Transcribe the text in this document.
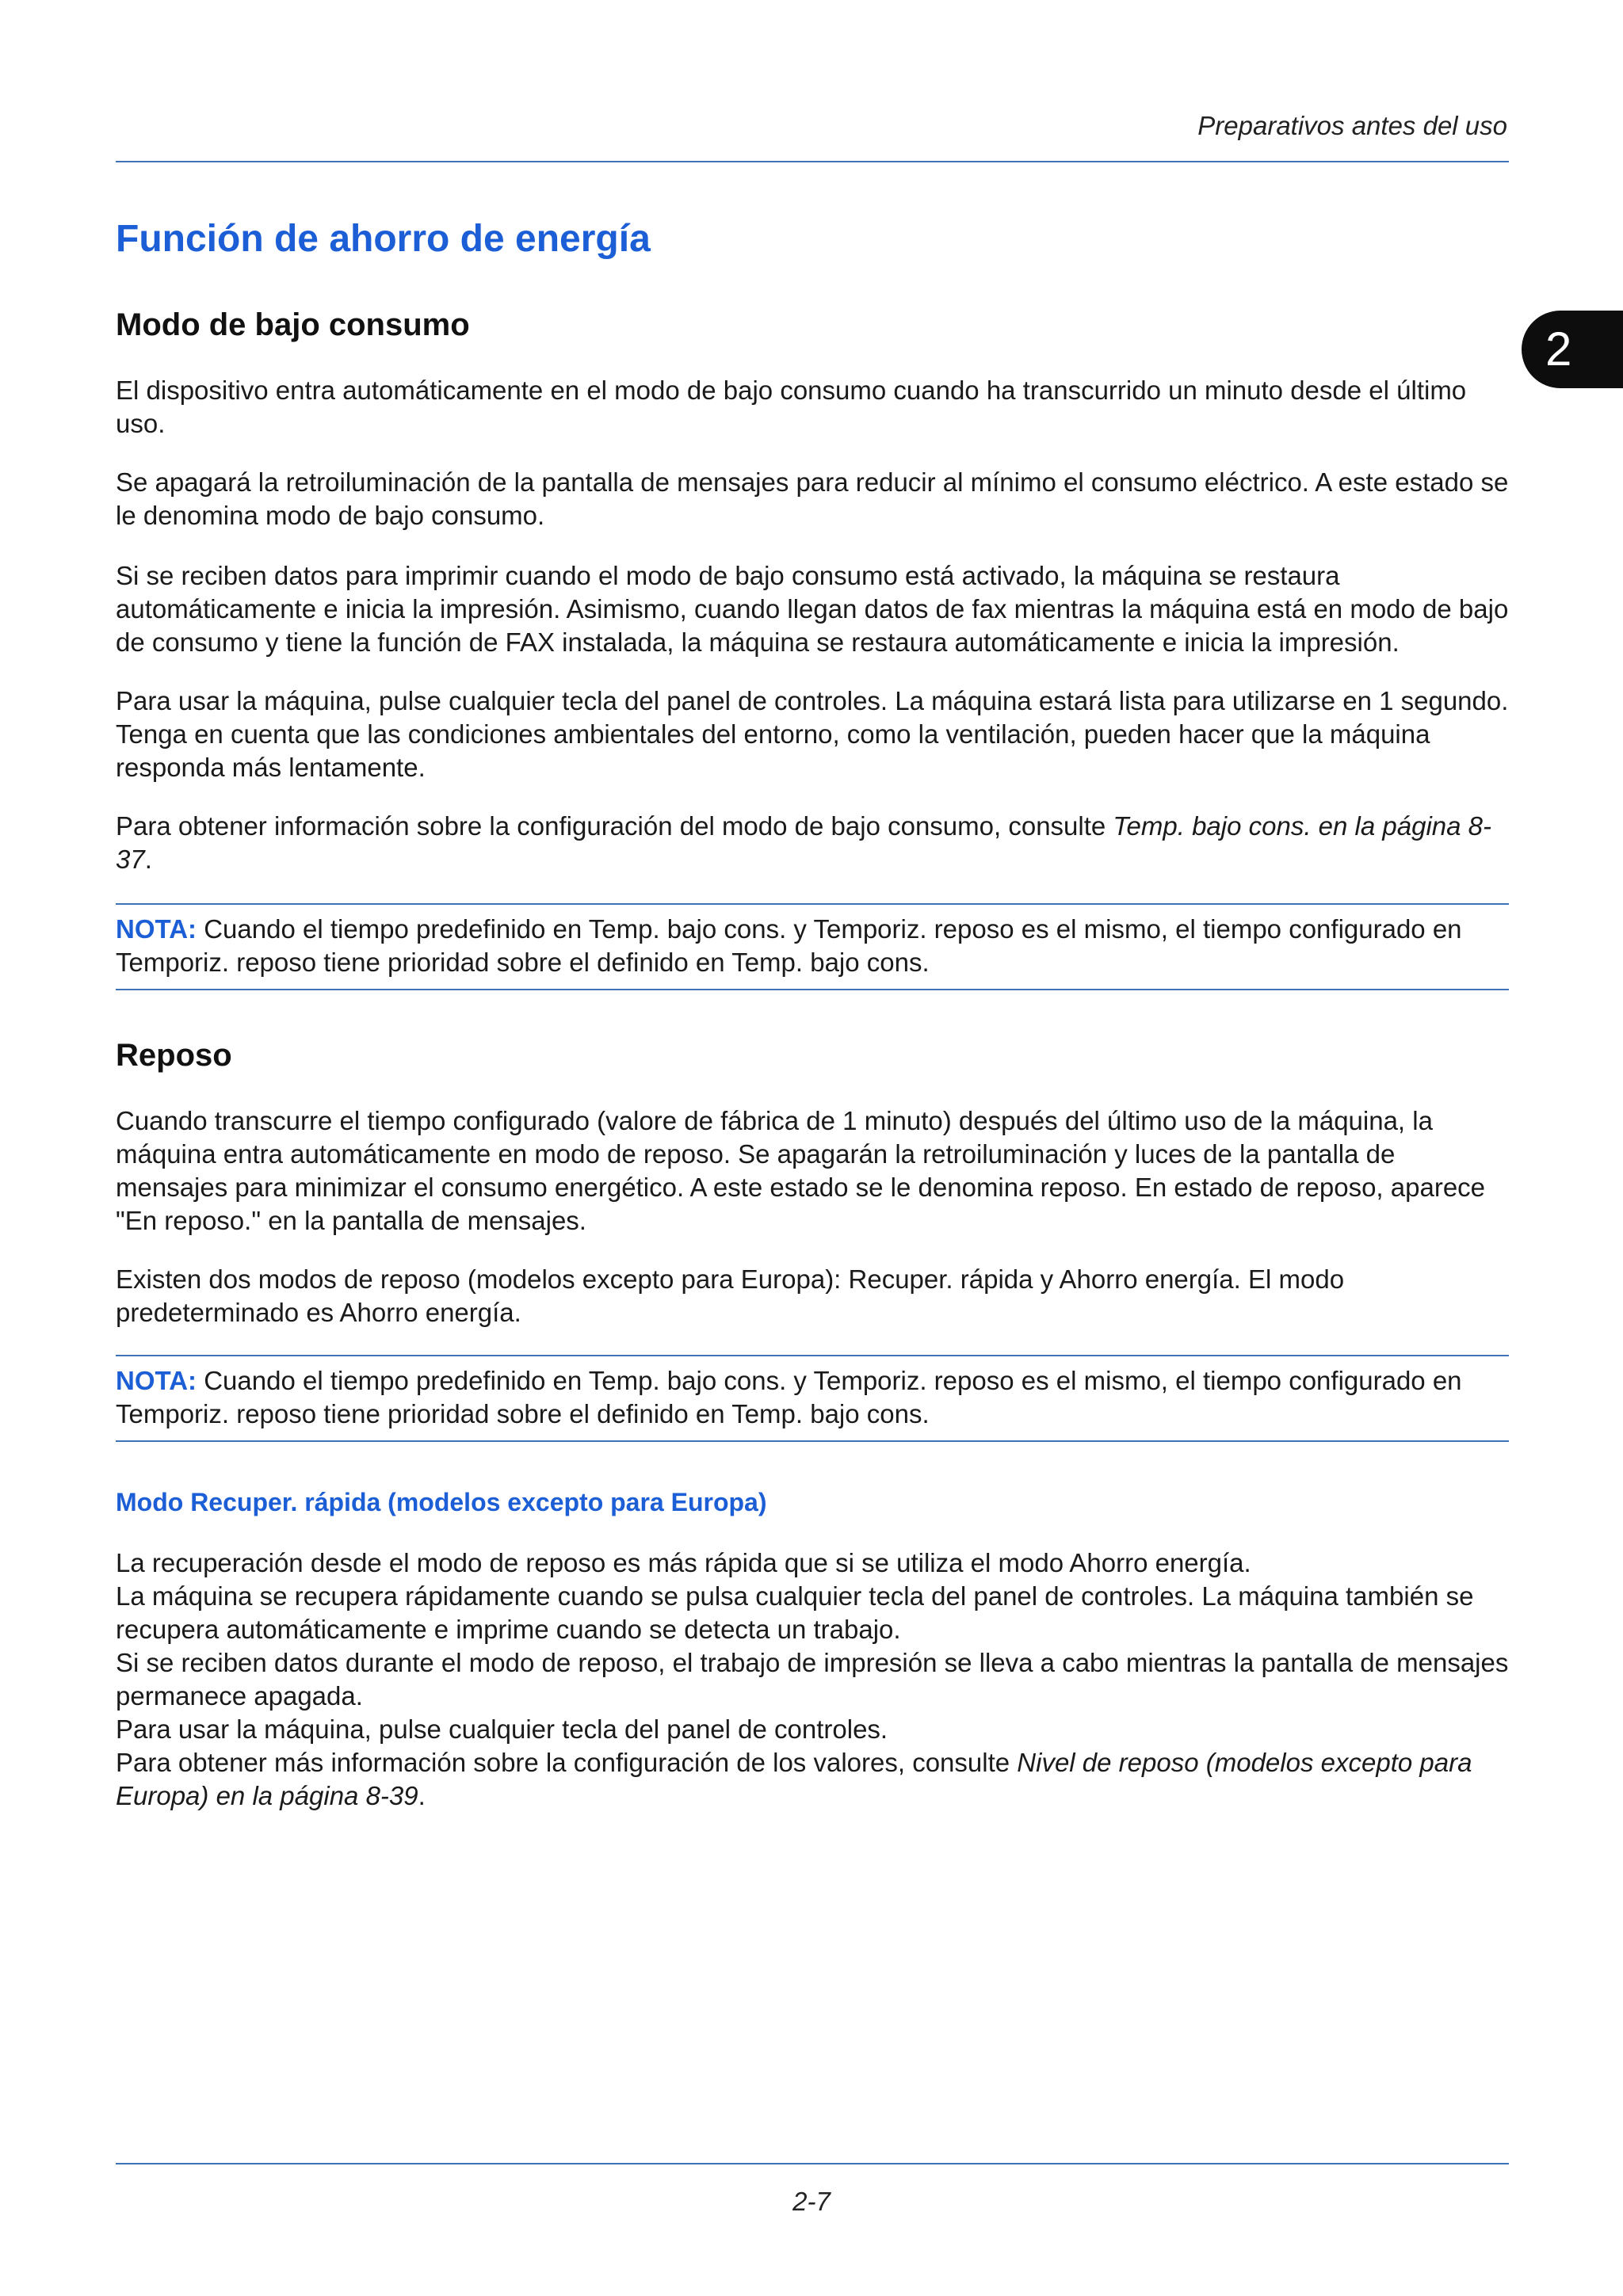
Preparativos antes del uso
2
Función de ahorro de energía
Modo de bajo consumo

El dispositivo entra automáticamente en el modo de bajo consumo cuando ha transcurrido un minuto desde el último uso.

Se apagará la retroiluminación de la pantalla de mensajes para reducir al mínimo el consumo eléctrico. A este estado se le denomina modo de bajo consumo.

Si se reciben datos para imprimir cuando el modo de bajo consumo está activado, la máquina se restaura automáticamente e inicia la impresión. Asimismo, cuando llegan datos de fax mientras la máquina está en modo de bajo de consumo y tiene la función de FAX instalada, la máquina se restaura automáticamente e inicia la impresión.

Para usar la máquina, pulse cualquier tecla del panel de controles. La máquina estará lista para utilizarse en 1 segundo. Tenga en cuenta que las condiciones ambientales del entorno, como la ventilación, pueden hacer que la máquina responda más lentamente.

Para obtener información sobre la configuración del modo de bajo consumo, consulte Temp. bajo cons. en la página 8-37.

NOTA: Cuando el tiempo predefinido en Temp. bajo cons. y Temporiz. reposo es el mismo, el tiempo configurado en Temporiz. reposo tiene prioridad sobre el definido en Temp. bajo cons.
Reposo

Cuando transcurre el tiempo configurado (valore de fábrica de 1 minuto) después del último uso de la máquina, la máquina entra automáticamente en modo de reposo. Se apagarán la retroiluminación y luces de la pantalla de mensajes para minimizar el consumo energético. A este estado se le denomina reposo. En estado de reposo, aparece "En reposo." en la pantalla de mensajes.

Existen dos modos de reposo (modelos excepto para Europa): Recuper. rápida y Ahorro energía. El modo predeterminado es Ahorro energía.

NOTA: Cuando el tiempo predefinido en Temp. bajo cons. y Temporiz. reposo es el mismo, el tiempo configurado en Temporiz. reposo tiene prioridad sobre el definido en Temp. bajo cons.
Modo Recuper. rápida (modelos excepto para Europa)

La recuperación desde el modo de reposo es más rápida que si se utiliza el modo Ahorro energía.

La máquina se recupera rápidamente cuando se pulsa cualquier tecla del panel de controles. La máquina también se recupera automáticamente e imprime cuando se detecta un trabajo.

Si se reciben datos durante el modo de reposo, el trabajo de impresión se lleva a cabo mientras la pantalla de mensajes permanece apagada.

Para usar la máquina, pulse cualquier tecla del panel de controles.

Para obtener más información sobre la configuración de los valores, consulte Nivel de reposo (modelos excepto para Europa) en la página 8-39.

2-7
